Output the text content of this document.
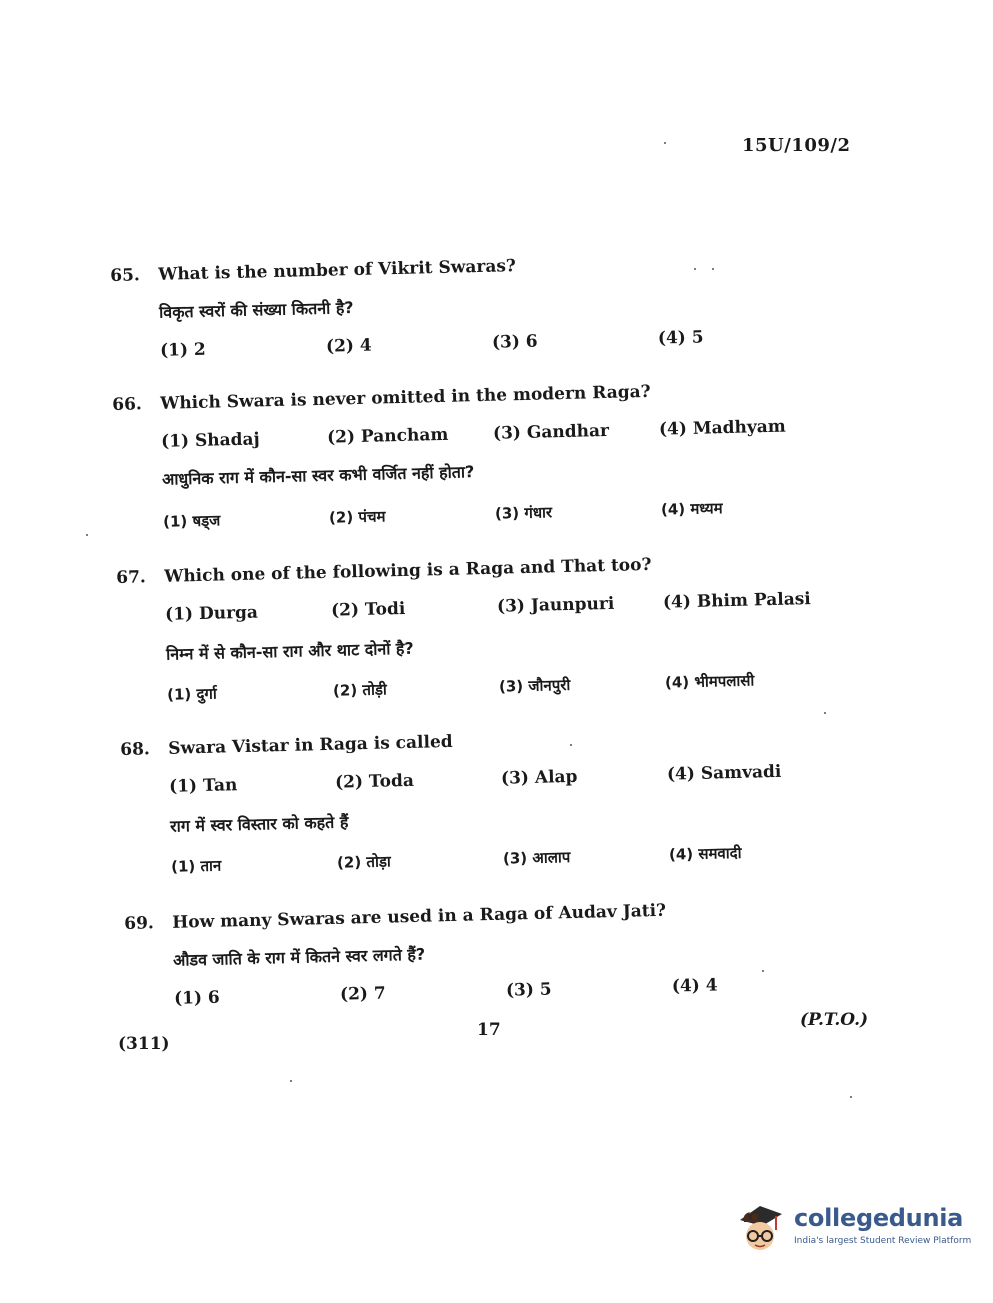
15U/109/2
65. What is the number of Vikrit Swaras?
विकृत स्वरों की संख्या कितनी है?
(1) 2	(2) 4	(3) 6	(4) 5
66. Which Swara is never omitted in the modern Raga?
(1) Shadaj	(2) Pancham	(3) Gandhar	(4) Madhyam
आधुनिक राग में कौन-सा स्वर कभी वर्जित नहीं होता?
(1) षड्ज	(2) पंचम	(3) गंधार	(4) मध्यम
67. Which one of the following is a Raga and That too?
(1) Durga	(2) Todi	(3) Jaunpuri	(4) Bhim Palasi
निम्न में से कौन-सा राग और थाट दोनों है?
(1) दुर्गा	(2) तोड़ी	(3) जौनपुरी	(4) भीमपलासी
68. Swara Vistar in Raga is called
(1) Tan	(2) Toda	(3) Alap	(4) Samvadi
राग में स्वर विस्तार को कहते हैं
(1) तान	(2) तोड़ा	(3) आलाप	(4) समवादी
69. How many Swaras are used in a Raga of Audav Jati?
औडव जाति के राग में कितने स्वर लगते हैं?
(1) 6	(2) 7	(3) 5	(4) 4
(P.T.O.)
17
(311)
collegedunia
India's largest Student Review Platform
